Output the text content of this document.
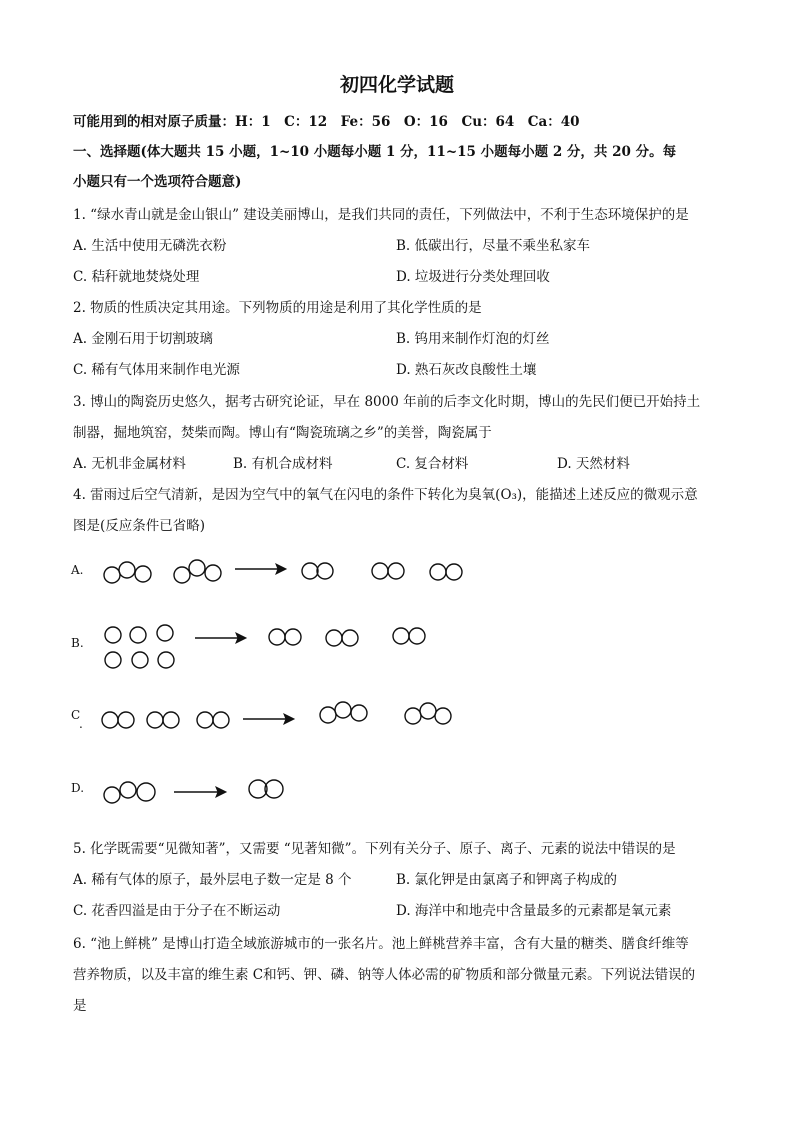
初四化学试题
可能用到的相对原子质量：H：1　C：12　Fe：56　O：16　Cu：64　Ca：40
一、选择题(体大题共 15 小题，1~10 小题每小题 1 分，11~15 小题每小题 2 分，共 20 分。每
小题只有一个选项符合题意)
1. “绿水青山就是金山银山” 建设美丽博山，是我们共同的责任，下列做法中，不利于生态环境保护的是
A. 生活中使用无磷洗衣粉	B. 低碳出行，尽量不乘坐私家车
C. 秸秆就地焚烧处理	D. 垃圾进行分类处理回收
2. 物质的性质决定其用途。下列物质的用途是利用了其化学性质的是
A. 金刚石用于切割玻璃	B. 钨用来制作灯泡的灯丝
C. 稀有气体用来制作电光源	D. 熟石灰改良酸性土壤
3. 博山的陶瓷历史悠久，据考古研究论证，早在 8000 年前的后李文化时期，博山的先民们便已开始持土
制器，掘地筑窑，焚柴而陶。博山有“陶瓷琉璃之乡”的美誉，陶瓷属于
A. 无机非金属材料	B. 有机合成材料	C. 复合材料	D. 天然材料
4. 雷雨过后空气清新，是因为空气中的氧气在闪电的条件下转化为臭氧(O₃)，能描述上述反应的微观示意
图是(反应条件已省略)
A.
B.
C
.
D.
5. 化学既需要“见微知著”，又需要 “见著知微”。下列有关分子、原子、离子、元素的说法中错误的是
A. 稀有气体的原子，最外层电子数一定是 8 个	B. 氯化钾是由氯离子和钾离子构成的
C. 花香四溢是由于分子在不断运动	D. 海洋中和地壳中含量最多的元素都是氧元素
6. “池上鲜桃” 是博山打造全域旅游城市的一张名片。池上鲜桃营养丰富，含有大量的糖类、膳食纤维等
营养物质，以及丰富的维生素 C和钙、钾、磷、钠等人体必需的矿物质和部分微量元素。下列说法错误的
是
